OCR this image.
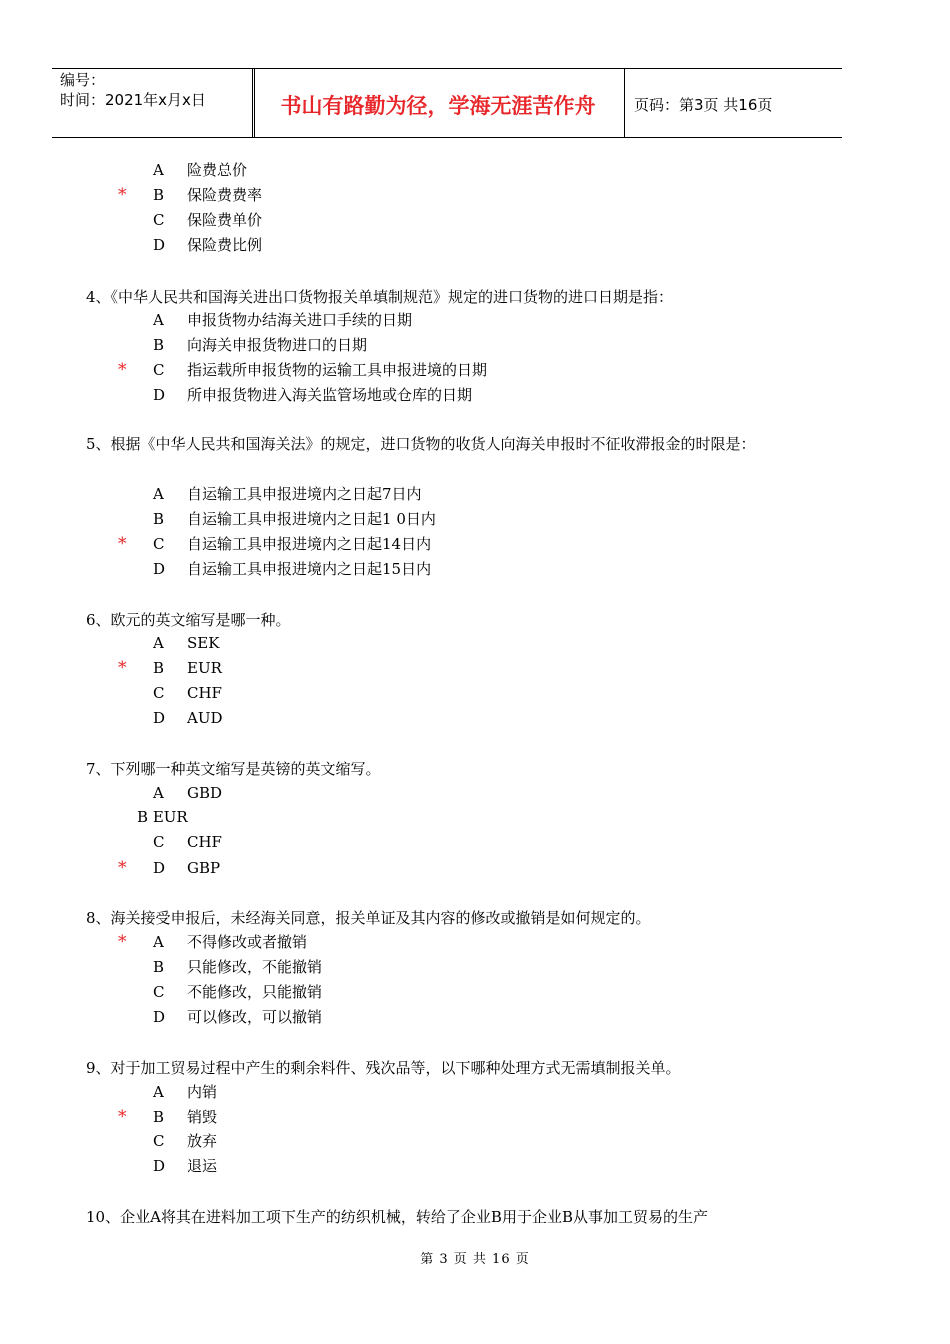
编号：
时间：2021年x月x日	书山有路勤为径，学海无涯苦作舟	页码：第3页 共16页
A 险费总价
* B 保险费费率
C 保险费单价
D 保险费比例
4、《中华人民共和国海关进出口货物报关单填制规范》规定的进口货物的进口日期是指：
A 申报货物办结海关进口手续的日期
B 向海关申报货物进口的日期
* C 指运载所申报货物的运输工具申报进境的日期
D 所申报货物进入海关监管场地或仓库的日期
5、根据《中华人民共和国海关法》的规定，进口货物的收货人向海关申报时不征收滞报金的时限是：
A 自运输工具申报进境内之日起7日内
B 自运输工具申报进境内之日起1 0日内
* C 自运输工具申报进境内之日起14日内
D 自运输工具申报进境内之日起15日内
6、欧元的英文缩写是哪一种。
A SEK
* B EUR
C CHF
D AUD
7、下列哪一种英文缩写是英镑的英文缩写。
A GBD
B EUR
C CHF
* D GBP
8、海关接受申报后，未经海关同意，报关单证及其内容的修改或撤销是如何规定的。
* A 不得修改或者撤销
B 只能修改，不能撤销
C 不能修改，只能撤销
D 可以修改，可以撤销
9、对于加工贸易过程中产生的剩余料件、残次品等，以下哪种处理方式无需填制报关单。
A 内销
* B 销毁
C 放弃
D 退运
10、企业A将其在进料加工项下生产的纺织机械，转给了企业B用于企业B从事加工贸易的生产
第 3 页 共 16 页
